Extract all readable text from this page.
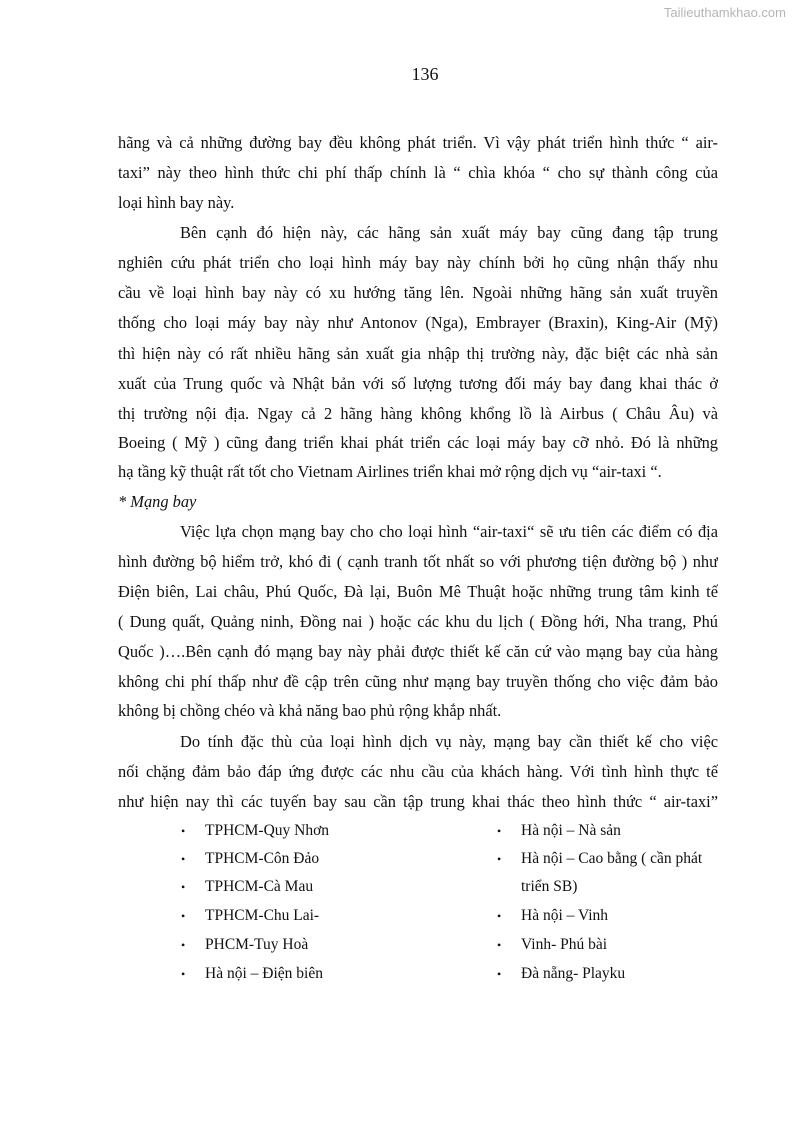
Tailieuthamkhao.com
136
hãng và cả những đường bay đều không phát triển. Vì vậy phát triển hình thức “ air-
taxi” này theo hình thức chi phí thấp chính là “ chìa khóa “ cho sự thành công của
loại hình bay này.
Bên cạnh đó hiện này, các hãng sản xuất máy bay cũng đang tập trung
nghiên cứu phát triển cho loại hình máy bay này chính bởi họ cũng nhận thấy nhu
cầu về loại hình bay này có xu hướng tăng lên. Ngoài những hãng sản xuất truyền
thống cho loại máy bay này như Antonov (Nga), Embrayer (Braxin), King-Air (Mỹ)
thì hiện này có rất nhiều hãng sản xuất gia nhập thị trường này, đặc biệt các nhà sản
xuất của Trung quốc và Nhật bản với số lượng tương đối máy bay đang khai thác ở
thị trường nội địa. Ngay cả 2 hãng hàng không khổng lồ là Airbus ( Châu Âu) và
Boeing ( Mỹ ) cũng đang triển khai phát triển các loại máy bay cỡ nhỏ. Đó là những
hạ tầng kỹ thuật rất tốt cho Vietnam Airlines triển khai mở rộng dịch vụ “air-taxi “.
* Mạng bay
Việc lựa chọn mạng bay cho cho loại hình “air-taxi“ sẽ ưu tiên các điểm có địa
hình đường bộ hiểm trở, khó đi ( cạnh tranh tốt nhất so với phương tiện đường bộ ) như
Điện biên, Lai châu, Phú Quốc, Đà lại, Buôn Mê Thuật hoặc những trung tâm kinh tế
( Dung quất, Quảng ninh, Đồng nai ) hoặc các khu du lịch ( Đồng hới, Nha trang, Phú
Quốc )….Bên cạnh đó mạng bay này phải được thiết kế căn cứ vào mạng bay của hàng
không chi phí thấp như đề cập trên cũng như mạng bay truyền thống cho việc đảm bảo
không bị chồng chéo và khả năng bao phủ rộng khắp nhất.
Do tính đặc thù của loại hình dịch vụ này, mạng bay cần thiết kế cho việc
nối chặng đảm bảo đáp ứng được các nhu cầu của khách hàng. Với tình hình thực tế
như hiện nay thì các tuyến bay sau cần tập trung khai thác theo hình thức “ air-taxi”
• TPHCM-Quy Nhơn
• TPHCM-Côn Đảo
• TPHCM-Cà Mau
• TPHCM-Chu Lai-
• PHCM-Tuy Hoà
• Hà nội – Điện biên
• Hà nội – Nà sản
• Hà nội – Cao bằng ( cần phát
triển SB)
• Hà nội – Vinh
• Vinh- Phú bài
• Đà nẵng- Playku
